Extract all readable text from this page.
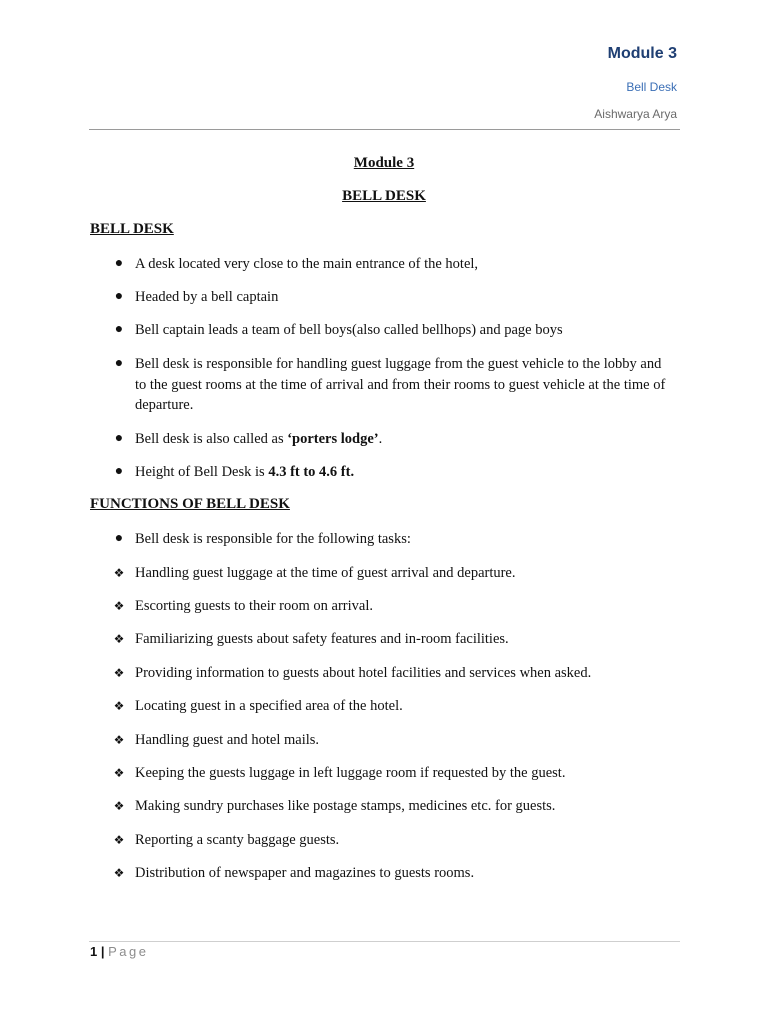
Module 3
Bell Desk
Aishwarya Arya
Module 3
BELL DESK
BELL DESK
● A desk located very close to the main entrance of the hotel,
● Headed by a bell captain
● Bell captain leads a team of bell boys(also called bellhops) and page boys
● Bell desk is responsible for handling guest luggage from the guest vehicle to the lobby and to the guest rooms at the time of arrival and from their rooms to guest vehicle at the time of departure.
● Bell desk is also called as ‘porters lodge’.
● Height of Bell Desk is 4.3 ft to 4.6 ft.
FUNCTIONS OF BELL DESK
● Bell desk is responsible for the following tasks:
❖ Handling guest luggage at the time of guest arrival and departure.
❖ Escorting guests to their room on arrival.
❖ Familiarizing guests about safety features and in-room facilities.
❖ Providing information to guests about hotel facilities and services when asked.
❖ Locating guest in a specified area of the hotel.
❖ Handling guest and hotel mails.
❖ Keeping the guests luggage in left luggage room if requested by the guest.
❖ Making sundry purchases like postage stamps, medicines etc. for guests.
❖ Reporting a scanty baggage guests.
❖ Distribution of newspaper and magazines to guests rooms.
1 | Page
